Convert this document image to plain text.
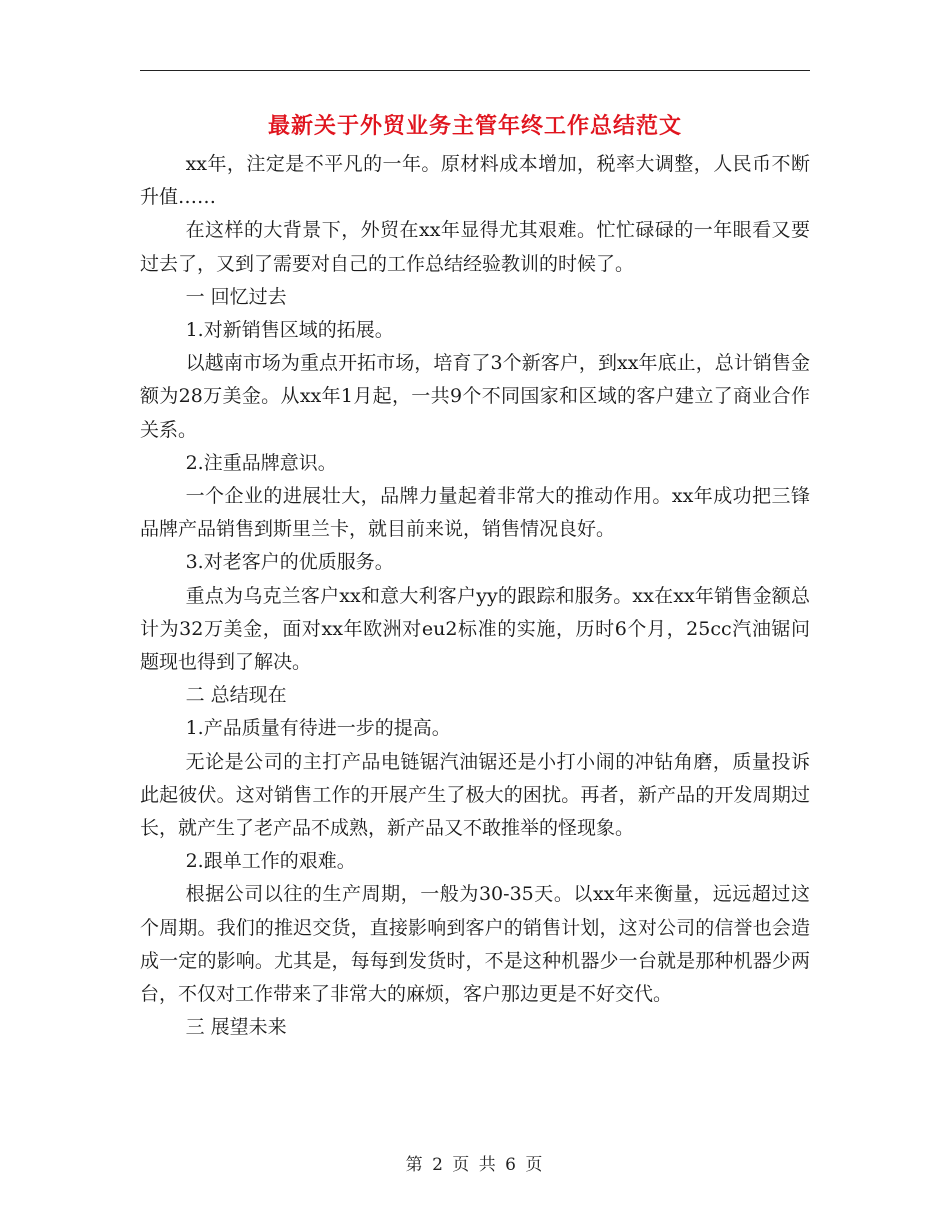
最新关于外贸业务主管年终工作总结范文

xx年，注定是不平凡的一年。原材料成本增加，税率大调整，人民币不断升值……

在这样的大背景下，外贸在xx年显得尤其艰难。忙忙碌碌的一年眼看又要过去了，又到了需要对自己的工作总结经验教训的时候了。

一 回忆过去

1.对新销售区域的拓展。

以越南市场为重点开拓市场，培育了3个新客户，到xx年底止，总计销售金额为28万美金。从xx年1月起，一共9个不同国家和区域的客户建立了商业合作关系。

2.注重品牌意识。

一个企业的进展壮大，品牌力量起着非常大的推动作用。xx年成功把三锋品牌产品销售到斯里兰卡，就目前来说，销售情况良好。

3.对老客户的优质服务。

重点为乌克兰客户xx和意大利客户yy的跟踪和服务。xx在xx年销售金额总计为32万美金，面对xx年欧洲对eu2标准的实施，历时6个月，25cc汽油锯问题现也得到了解决。

二 总结现在

1.产品质量有待进一步的提高。

无论是公司的主打产品电链锯汽油锯还是小打小闹的冲钻角磨，质量投诉此起彼伏。这对销售工作的开展产生了极大的困扰。再者，新产品的开发周期过长，就产生了老产品不成熟，新产品又不敢推举的怪现象。

2.跟单工作的艰难。

根据公司以往的生产周期，一般为30-35天。以xx年来衡量，远远超过这个周期。我们的推迟交货，直接影响到客户的销售计划，这对公司的信誉也会造成一定的影响。尤其是，每每到发货时，不是这种机器少一台就是那种机器少两台，不仅对工作带来了非常大的麻烦，客户那边更是不好交代。

三 展望未来

第 2 页 共 6 页
